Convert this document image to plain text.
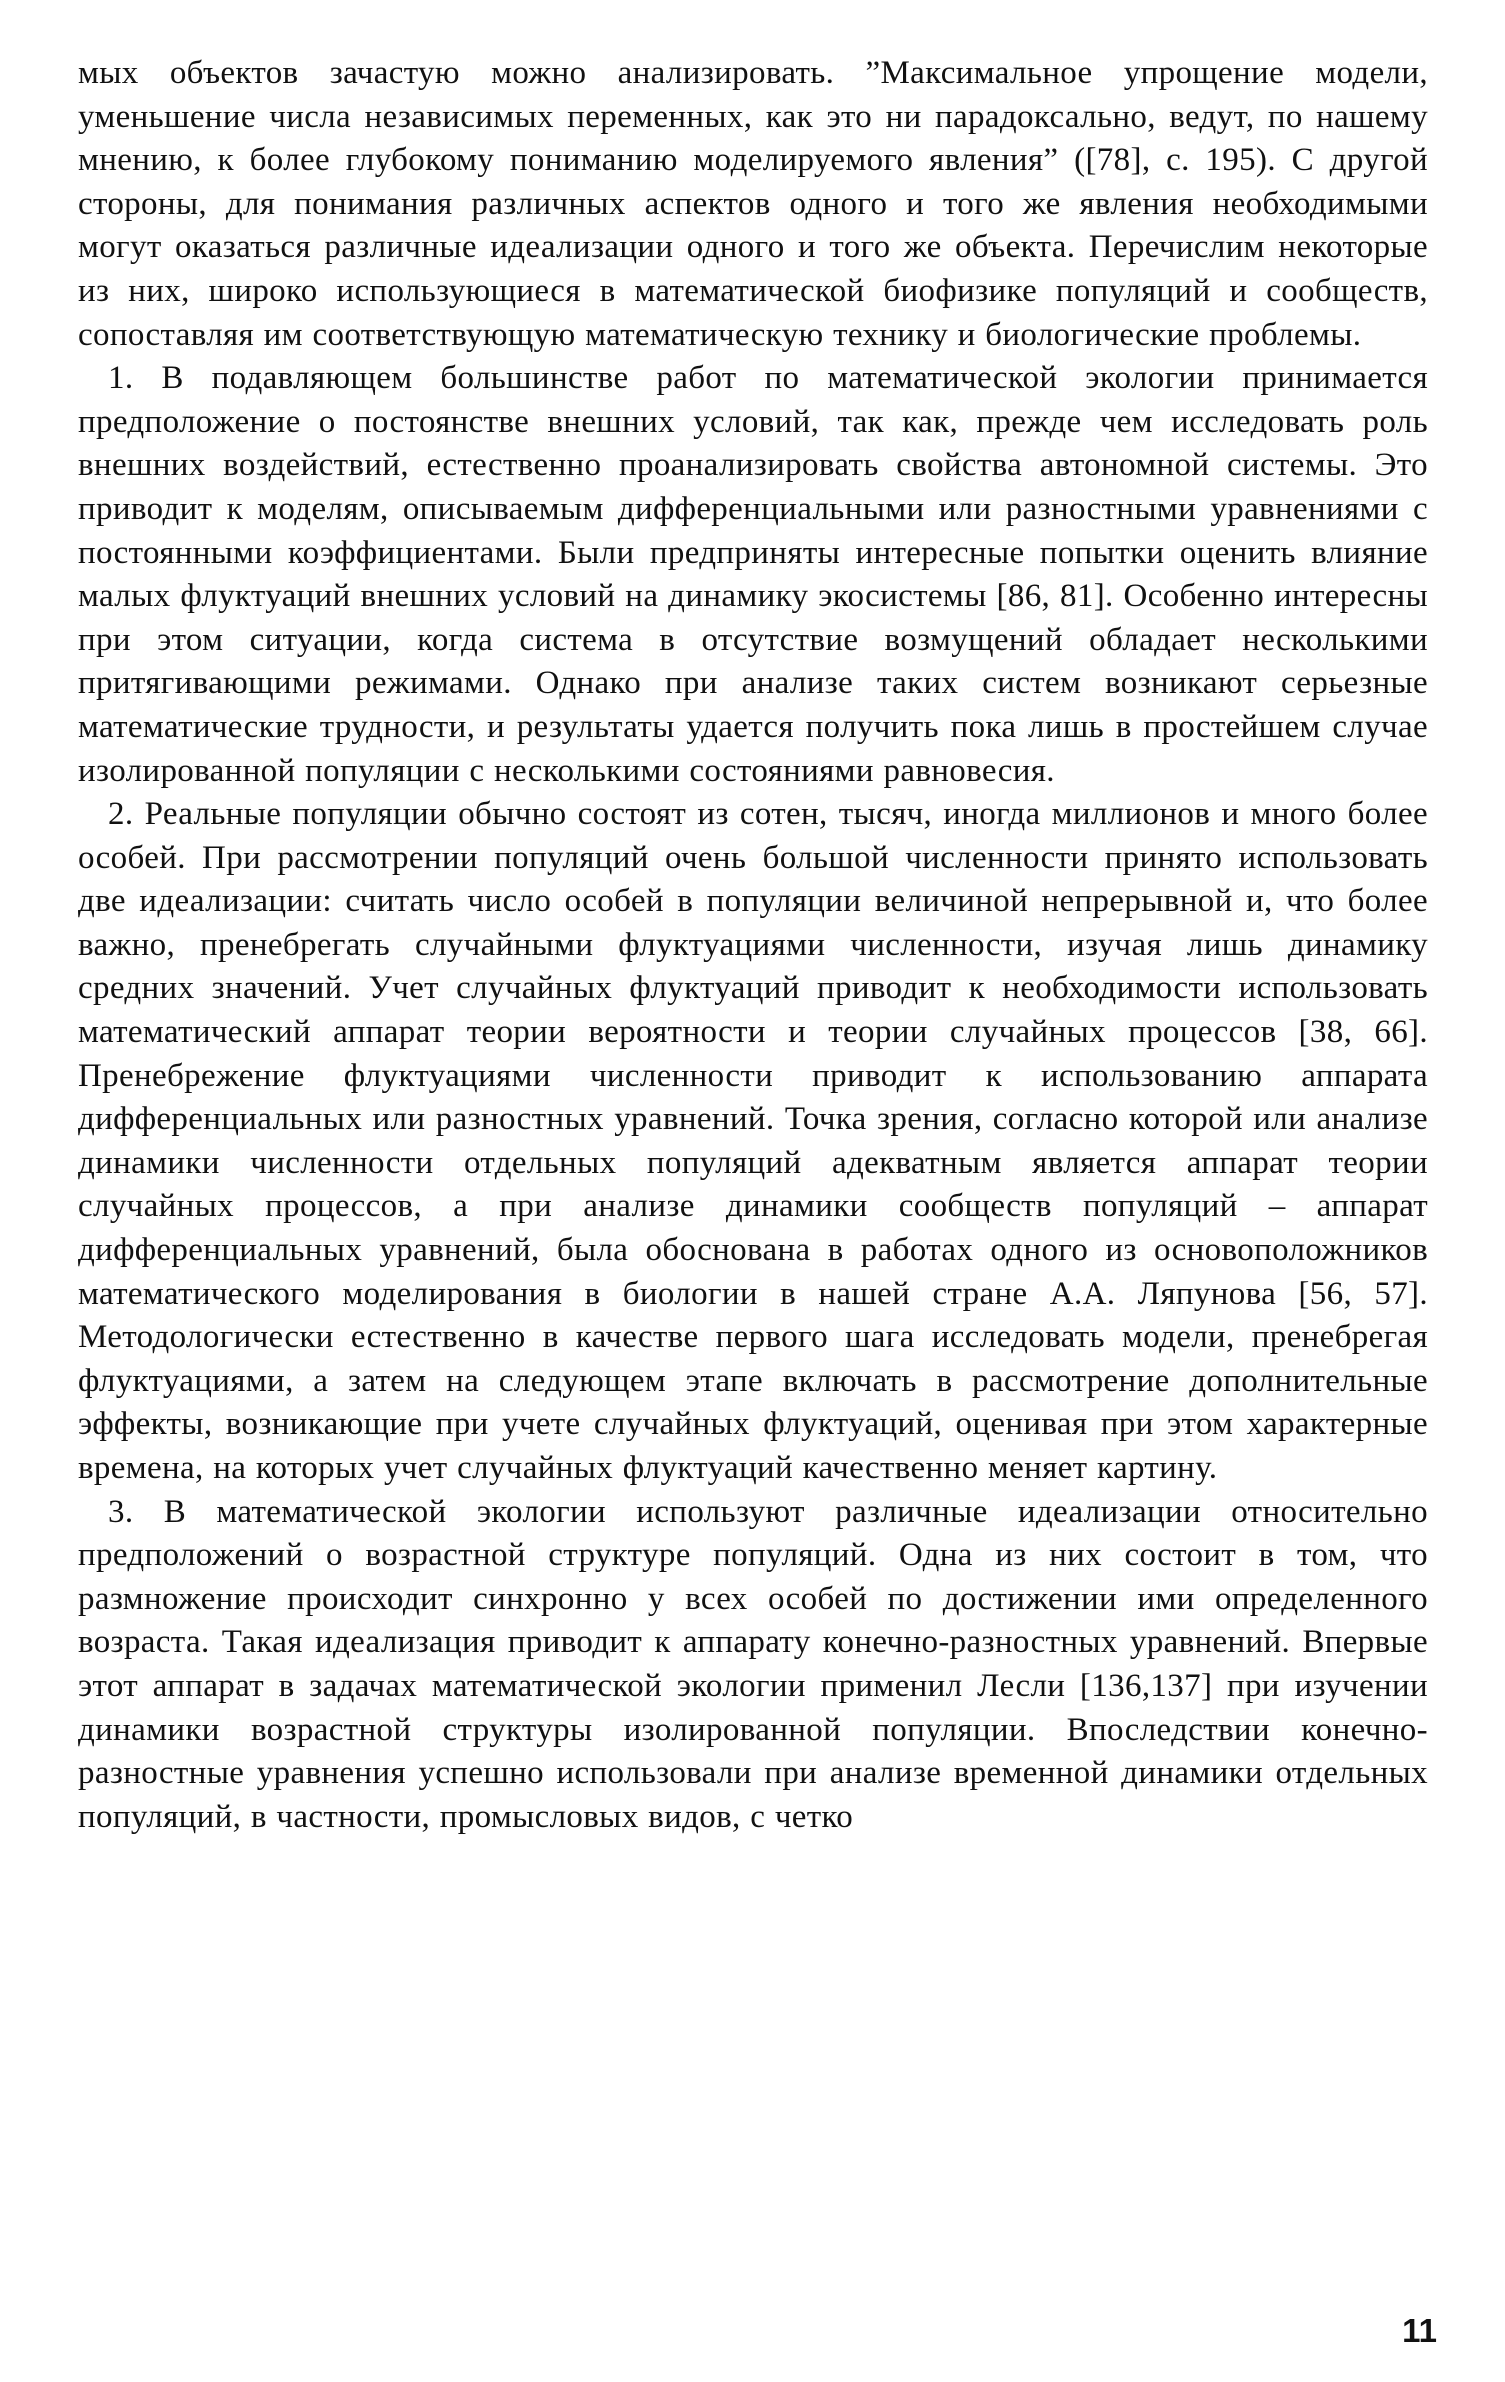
мых объектов зачастую можно анализировать. ”Максимальное упрощение модели, уменьшение числа независимых переменных, как это ни парадоксально, ведут, по нашему мнению, к более глубокому пониманию моделируемого явления” ([78], с. 195). С другой стороны, для понимания различных аспектов одного и того же явления необходимыми могут оказаться различные идеализации одного и того же объекта. Перечислим некоторые из них, широко использующиеся в математической биофизике популяций и сообществ, сопоставляя им соответствующую математическую технику и биологические проблемы.

1. В подавляющем большинстве работ по математической экологии принимается предположение о постоянстве внешних условий, так как, прежде чем исследовать роль внешних воздействий, естественно проанализировать свойства автономной системы. Это приводит к моделям, описываемым дифференциальными или разностными уравнениями с постоянными коэффициентами. Были предприняты интересные попытки оценить влияние малых флуктуаций внешних условий на динамику экосистемы [86, 81]. Особенно интересны при этом ситуации, когда система в отсутствие возмущений обладает несколькими притягивающими режимами. Однако при анализе таких систем возникают серьезные математические трудности, и результаты удается получить пока лишь в простейшем случае изолированной популяции с несколькими состояниями равновесия.

2. Реальные популяции обычно состоят из сотен, тысяч, иногда миллионов и много более особей. При рассмотрении популяций очень большой численности принято использовать две идеализации: считать число особей в популяции величиной непрерывной и, что более важно, пренебрегать случайными флуктуациями численности, изучая лишь динамику средних значений. Учет случайных флуктуаций приводит к необходимости использовать математический аппарат теории вероятности и теории случайных процессов [38, 66]. Пренебрежение флуктуациями численности приводит к использованию аппарата дифференциальных или разностных уравнений. Точка зрения, согласно которой или анализе динамики численности отдельных популяций адекватным является аппарат теории случайных процессов, а при анализе динамики сообществ популяций – аппарат дифференциальных уравнений, была обоснована в работах одного из основоположников математического моделирования в биологии в нашей стране А.А. Ляпунова [56, 57]. Методологически естественно в качестве первого шага исследовать модели, пренебрегая флуктуациями, а затем на следующем этапе включать в рассмотрение дополнительные эффекты, возникающие при учете случайных флуктуаций, оценивая при этом характерные времена, на которых учет случайных флуктуаций качественно меняет картину.

3. В математической экологии используют различные идеализации относительно предположений о возрастной структуре популяций. Одна из них состоит в том, что размножение происходит синхронно у всех особей по достижении ими определенного возраста. Такая идеализация приводит к аппарату конечно-разностных уравнений. Впервые этот аппарат в задачах математической экологии применил Лесли [136,137] при изучении динамики возрастной структуры изолированной популяции. Впоследствии конечно-разностные уравнения успешно использовали при анализе временной динамики отдельных популяций, в частности, промысловых видов, с четко

11
